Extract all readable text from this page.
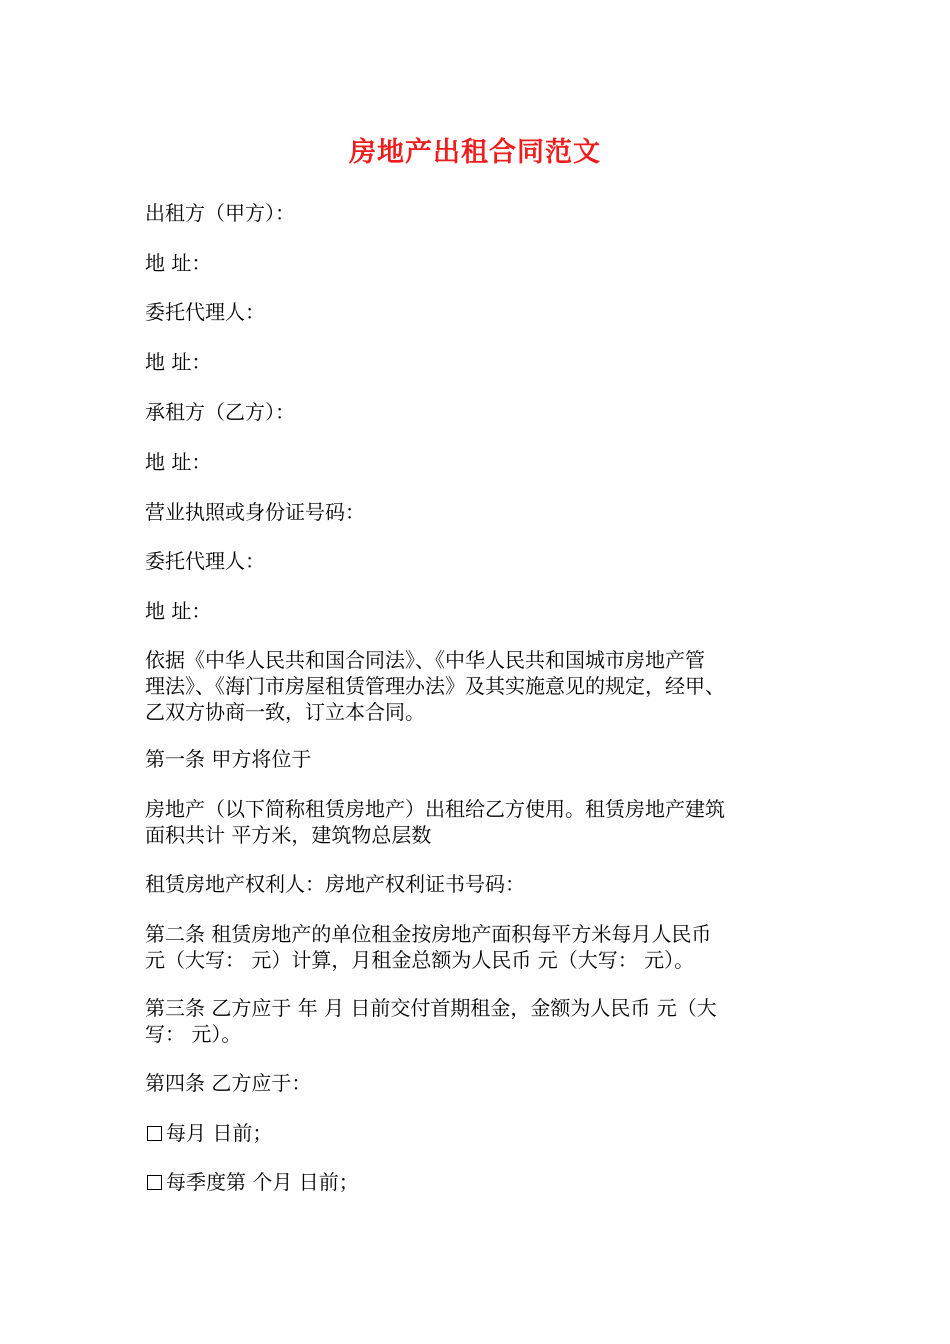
房地产出租合同范文
出租方（甲方）：
地 址：
委托代理人：
地 址：
承租方（乙方）：
地 址：
营业执照或身份证号码：
委托代理人：
地 址：
依据《中华人民共和国合同法》、《中华人民共和国城市房地产管
理法》、《海门市房屋租赁管理办法》及其实施意见的规定，经甲、
乙双方协商一致，订立本合同。
第一条 甲方将位于
房地产（以下简称租赁房地产）出租给乙方使用。租赁房地产建筑
面积共计 平方米，建筑物总层数
租赁房地产权利人：房地产权利证书号码：
第二条 租赁房地产的单位租金按房地产面积每平方米每月人民币
元（大写： 元）计算，月租金总额为人民币 元（大写： 元）。
第三条 乙方应于 年 月 日前交付首期租金，金额为人民币 元（大
写： 元）。
第四条 乙方应于：
每月 日前；
每季度第 个月 日前；
